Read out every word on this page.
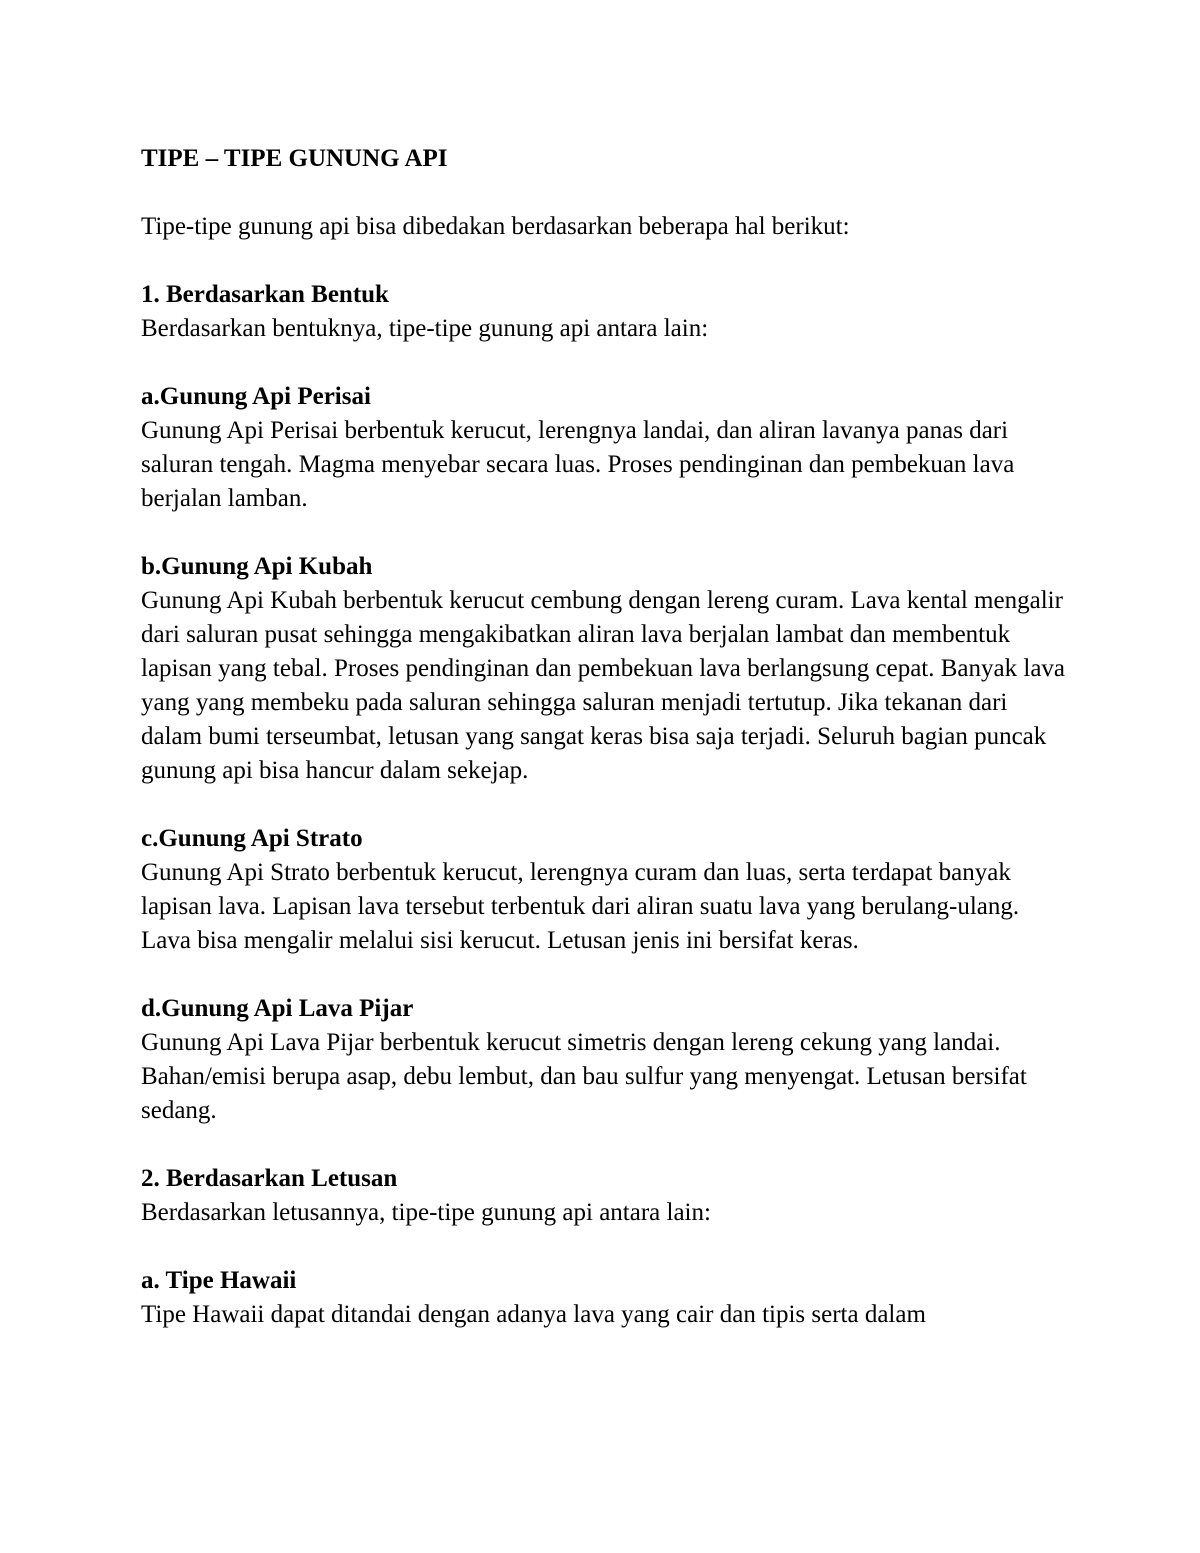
TIPE – TIPE GUNUNG API

Tipe-tipe gunung api bisa dibedakan berdasarkan beberapa hal berikut:

1. Berdasarkan Bentuk

Berdasarkan bentuknya, tipe-tipe gunung api antara lain:

a.Gunung Api Perisai

Gunung Api Perisai berbentuk kerucut, lerengnya landai, dan aliran lavanya panas dari saluran tengah. Magma menyebar secara luas. Proses pendinginan dan pembekuan lava berjalan lamban.

b.Gunung Api Kubah

Gunung Api Kubah berbentuk kerucut cembung dengan lereng curam. Lava kental mengalir dari saluran pusat sehingga mengakibatkan aliran lava berjalan lambat dan membentuk lapisan yang tebal. Proses pendinginan dan pembekuan lava berlangsung cepat. Banyak lava yang yang membeku pada saluran sehingga saluran menjadi tertutup. Jika tekanan dari dalam bumi terseumbat, letusan yang sangat keras bisa saja terjadi. Seluruh bagian puncak gunung api bisa hancur dalam sekejap.

c.Gunung Api Strato

Gunung Api Strato berbentuk kerucut, lerengnya curam dan luas, serta terdapat banyak lapisan lava. Lapisan lava tersebut terbentuk dari aliran suatu lava yang berulang-ulang. Lava bisa mengalir melalui sisi kerucut. Letusan jenis ini bersifat keras.

d.Gunung Api Lava Pijar

Gunung Api Lava Pijar berbentuk kerucut simetris dengan lereng cekung yang landai. Bahan/emisi berupa asap, debu lembut, dan bau sulfur yang menyengat. Letusan bersifat sedang.

2. Berdasarkan Letusan

Berdasarkan letusannya, tipe-tipe gunung api antara lain:

a. Tipe Hawaii

Tipe Hawaii dapat ditandai dengan adanya lava yang cair dan tipis serta dalam
